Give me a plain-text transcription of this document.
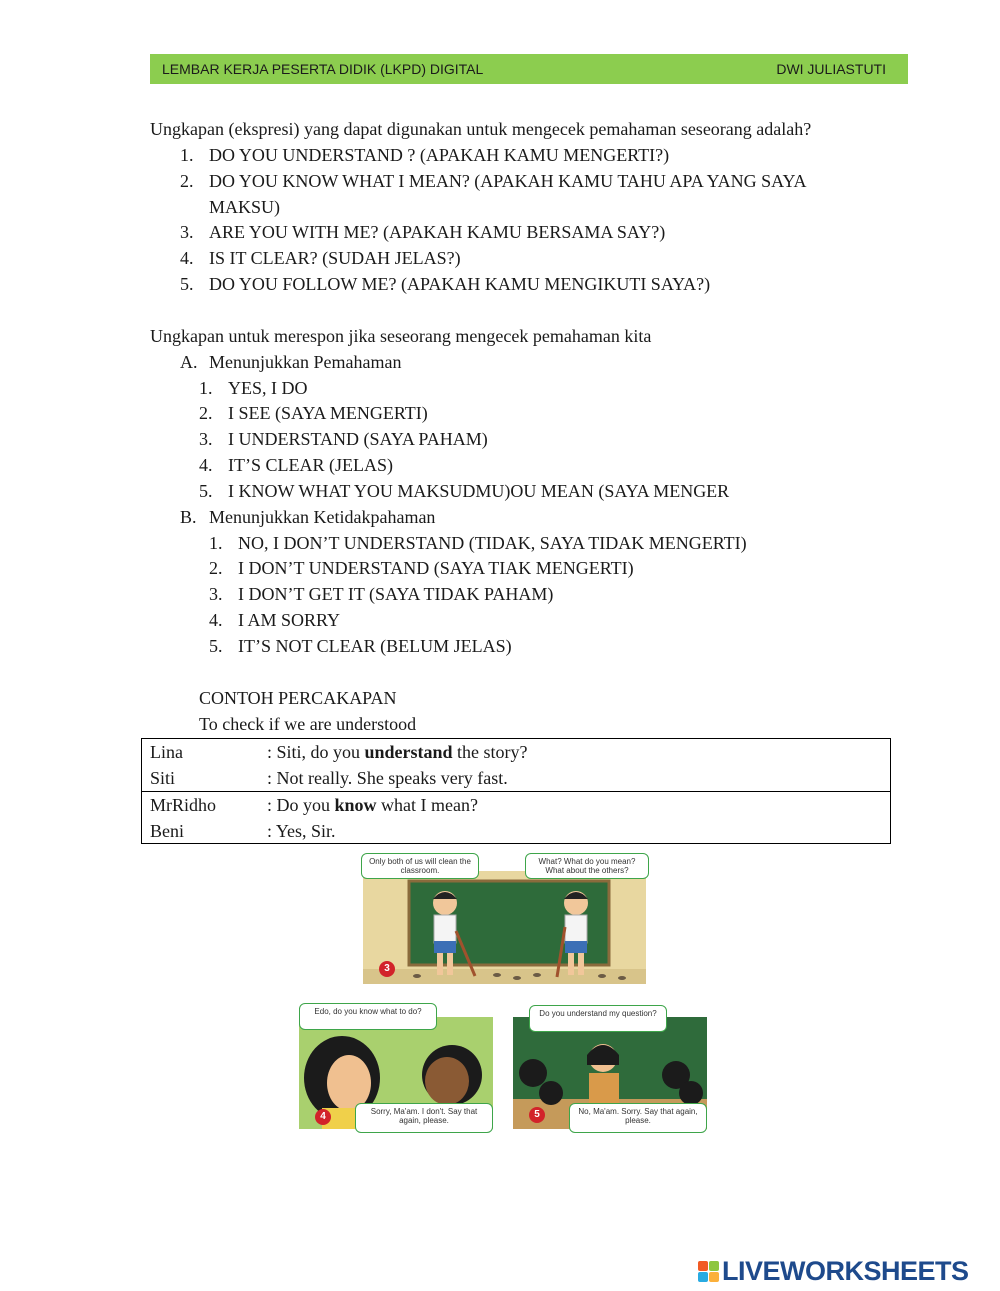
LEMBAR KERJA PESERTA DIDIK (LKPD) DIGITAL	DWI JULIASTUTI
Ungkapan (ekspresi) yang dapat digunakan untuk mengecek pemahaman seseorang adalah?
1. DO YOU UNDERSTAND ? (APAKAH KAMU MENGERTI?)
2. DO YOU KNOW WHAT I MEAN? (APAKAH KAMU TAHU APA YANG SAYA
MAKSU)
3. ARE YOU WITH ME? (APAKAH KAMU BERSAMA SAY?)
4. IS IT CLEAR? (SUDAH JELAS?)
5. DO YOU FOLLOW ME? (APAKAH KAMU MENGIKUTI SAYA?)
Ungkapan untuk merespon jika seseorang mengecek pemahaman kita
A. Menunjukkan Pemahaman
1. YES, I DO
2. I SEE (SAYA MENGERTI)
3. I UNDERSTAND (SAYA PAHAM)
4. IT’S CLEAR (JELAS)
5. I KNOW WHAT YOU MAKSUDMU)OU MEAN (SAYA MENGER
B. Menunjukkan Ketidakpahaman
1. NO, I DON’T UNDERSTAND (TIDAK, SAYA TIDAK MENGERTI)
2. I DON’T UNDERSTAND (SAYA TIAK MENGERTI)
3. I DON’T GET IT (SAYA TIDAK PAHAM)
4. I AM SORRY
5. IT’S NOT CLEAR (BELUM JELAS)
CONTOH PERCAKAPAN
To check if we are understood
Lina	: Siti, do you understand the story?
Siti	: Not really. She speaks very fast.
MrRidho	: Do you know what I mean?
Beni	: Yes, Sir.
Only both of us will clean the classroom.
What? What do you mean? What about the others?
3
Edo, do you know what to do?
Sorry, Ma'am. I don't. Say that again, please.
4
Do you understand my question?
No, Ma'am. Sorry. Say that again, please.
5
LIVEWORKSHEETS
